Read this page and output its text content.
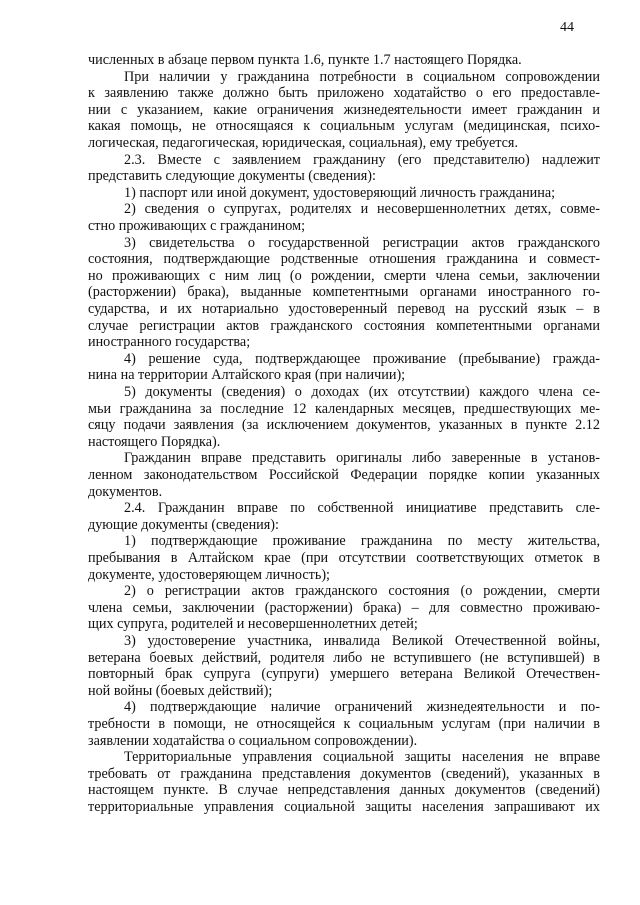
44
численных в абзаце первом пункта 1.6, пункте 1.7 настоящего Порядка.
При наличии у гражданина потребности в социальном сопровождении
к заявлению также должно быть приложено ходатайство о его предоставле-
нии с указанием, какие ограничения жизнедеятельности имеет гражданин и
какая помощь, не относящаяся к социальным услугам (медицинская, психо-
логическая, педагогическая, юридическая, социальная), ему требуется.
2.3. Вместе с заявлением гражданину (его представителю) надлежит
представить следующие документы (сведения):
1) паспорт или иной документ, удостоверяющий личность гражданина;
2) сведения о супругах, родителях и несовершеннолетних детях, совме-
стно проживающих с гражданином;
3) свидетельства о государственной регистрации актов гражданского
состояния, подтверждающие родственные отношения гражданина и совмест-
но проживающих с ним лиц (о рождении, смерти члена семьи, заключении
(расторжении) брака), выданные компетентными органами иностранного го-
сударства, и их нотариально удостоверенный перевод на русский язык – в
случае регистрации актов гражданского состояния компетентными органами
иностранного государства;
4) решение суда, подтверждающее проживание (пребывание) гражда-
нина на территории Алтайского края (при наличии);
5) документы (сведения) о доходах (их отсутствии) каждого члена се-
мьи гражданина за последние 12 календарных месяцев, предшествующих ме-
сяцу подачи заявления (за исключением документов, указанных в пункте 2.12
настоящего Порядка).
Гражданин вправе представить оригиналы либо заверенные в установ-
ленном законодательством Российской Федерации порядке копии указанных
документов.
2.4. Гражданин вправе по собственной инициативе представить сле-
дующие документы (сведения):
1) подтверждающие проживание гражданина по месту жительства,
пребывания в Алтайском крае (при отсутствии соответствующих отметок в
документе, удостоверяющем личность);
2) о регистрации актов гражданского состояния (о рождении, смерти
члена семьи, заключении (расторжении) брака) – для совместно проживаю-
щих супруга, родителей и несовершеннолетних детей;
3) удостоверение участника, инвалида Великой Отечественной войны,
ветерана боевых действий, родителя либо не вступившего (не вступившей) в
повторный брак супруга (супруги) умершего ветерана Великой Отечествен-
ной войны (боевых действий);
4) подтверждающие наличие ограничений жизнедеятельности и по-
требности в помощи, не относящейся к социальным услугам (при наличии в
заявлении ходатайства о социальном сопровождении).
Территориальные управления социальной защиты населения не вправе
требовать от гражданина представления документов (сведений), указанных в
настоящем пункте. В случае непредставления данных документов (сведений)
территориальные управления социальной защиты населения запрашивают их
